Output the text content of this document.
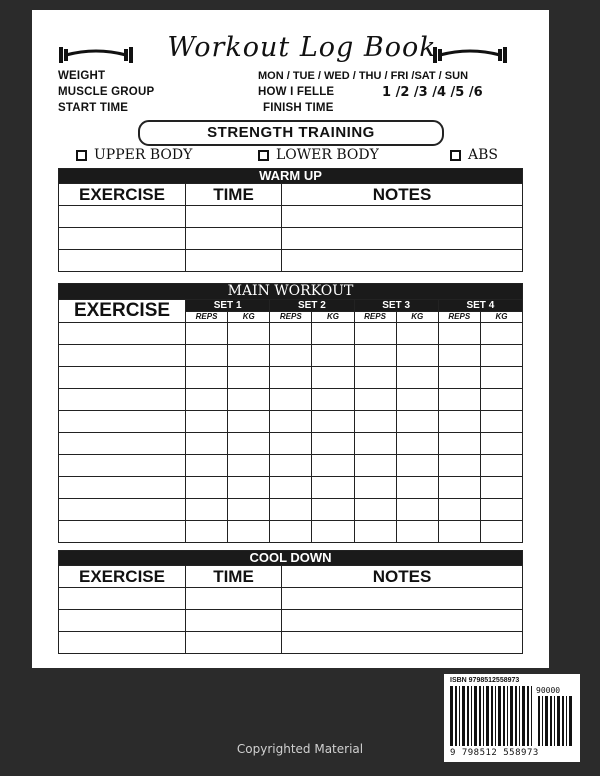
Workout Log Book
WEIGHT
MUSCLE GROUP
START TIME
MON / TUE / WED / THU / FRI /SAT / SUN
HOW I FELLE	1 /2 /3 /4 /5 /6
FINISH TIME
STRENGTH TRAINING
UPPER BODY	LOWER BODY	ABS
WARM UP		
EXERCISE	TIME	NOTES

MAIN WORKOUT								
EXERCISE	SET 1		SET 2		SET 3		SET 4	
	REPS	KG	REPS	KG	REPS	KG	REPS	KG

COOL DOWN		
EXERCISE	TIME	NOTES

ISBN 9798512558973
90000
9 798512 558973
Copyrighted Material
